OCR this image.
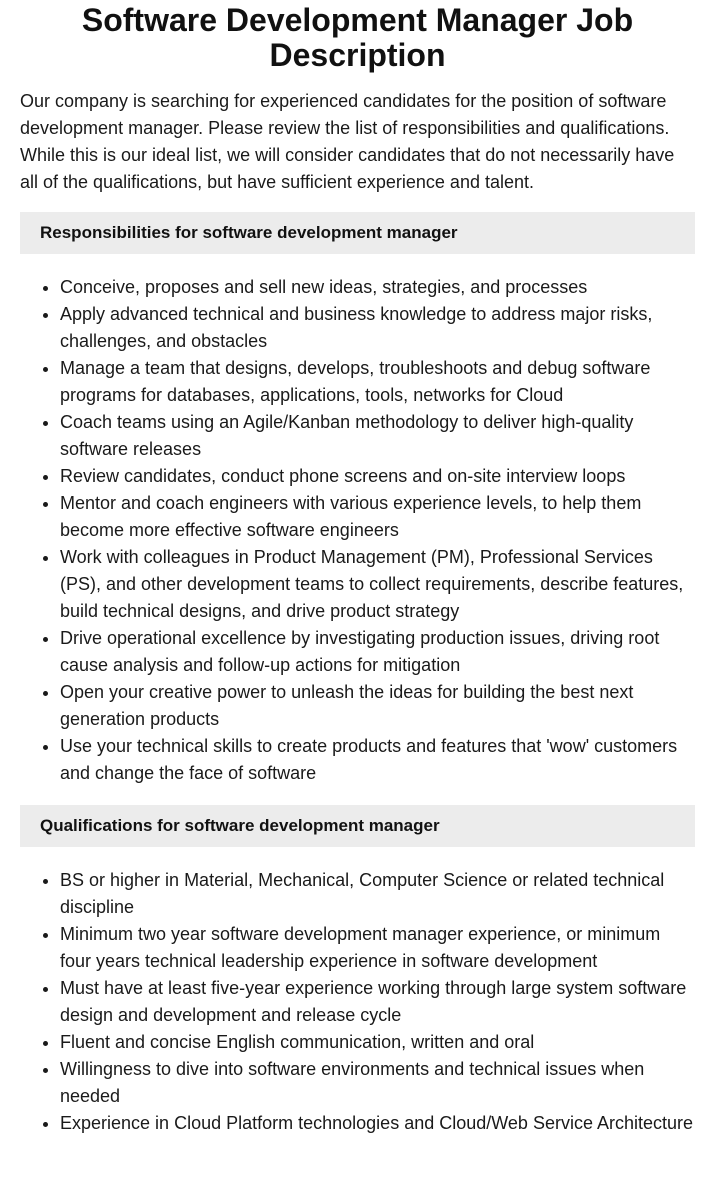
Software Development Manager Job Description

Our company is searching for experienced candidates for the position of software development manager. Please review the list of responsibilities and qualifications. While this is our ideal list, we will consider candidates that do not necessarily have all of the qualifications, but have sufficient experience and talent.

Responsibilities for software development manager
• Conceive, proposes and sell new ideas, strategies, and processes
• Apply advanced technical and business knowledge to address major risks, challenges, and obstacles
• Manage a team that designs, develops, troubleshoots and debug software programs for databases, applications, tools, networks for Cloud
• Coach teams using an Agile/Kanban methodology to deliver high-quality software releases
• Review candidates, conduct phone screens and on-site interview loops
• Mentor and coach engineers with various experience levels, to help them become more effective software engineers
• Work with colleagues in Product Management (PM), Professional Services (PS), and other development teams to collect requirements, describe features, build technical designs, and drive product strategy
• Drive operational excellence by investigating production issues, driving root cause analysis and follow-up actions for mitigation
• Open your creative power to unleash the ideas for building the best next generation products
• Use your technical skills to create products and features that 'wow' customers and change the face of software
Qualifications for software development manager
• BS or higher in Material, Mechanical, Computer Science or related technical discipline
• Minimum two year software development manager experience, or minimum four years technical leadership experience in software development
• Must have at least five-year experience working through large system software design and development and release cycle
• Fluent and concise English communication, written and oral
• Willingness to dive into software environments and technical issues when needed
• Experience in Cloud Platform technologies and Cloud/Web Service Architecture
